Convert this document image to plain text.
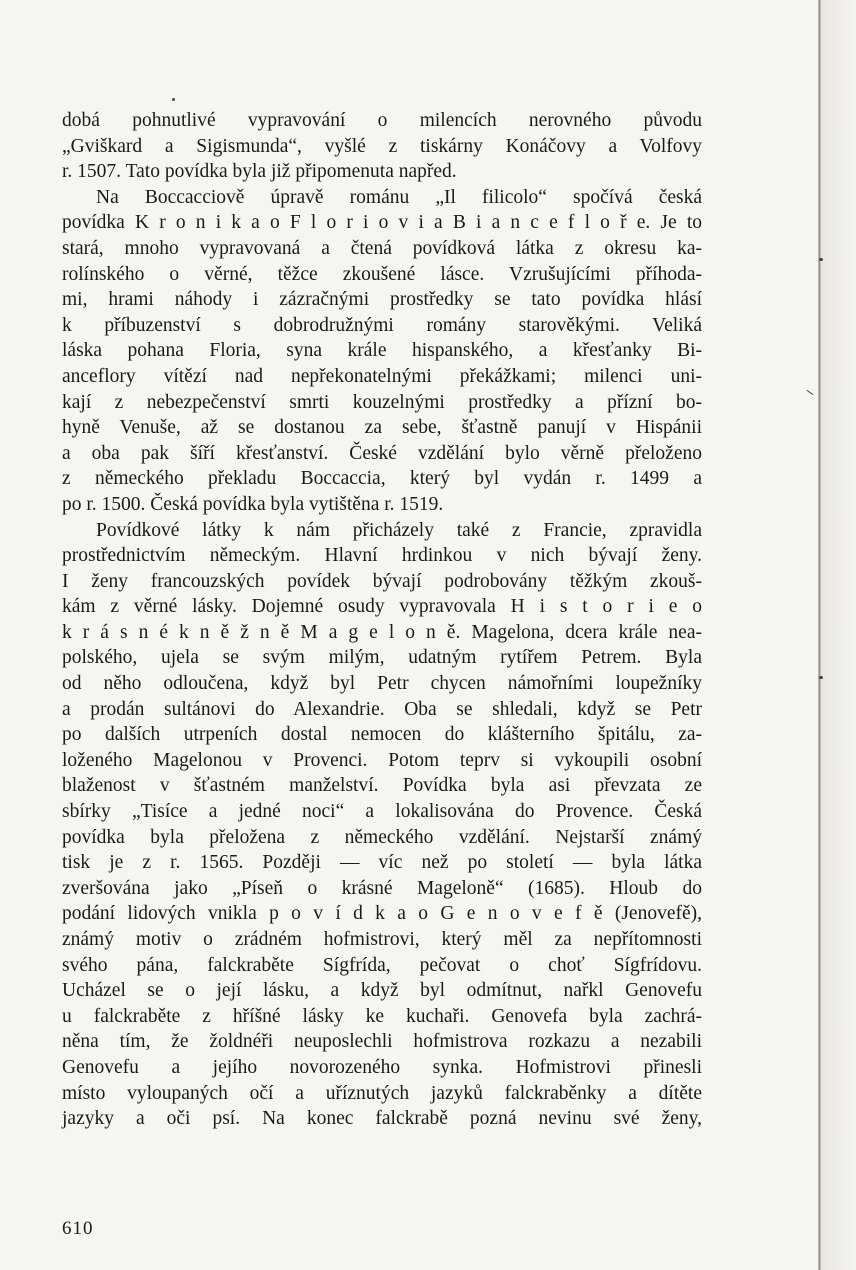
dobá pohnutlivé vypravování o milencích nerovného původu
„Gviškard a Sigismunda“, vyšlé z tiskárny Konáčovy a Volfovy
r. 1507. Tato povídka byla již připomenuta napřed.
Na Boccacciově úpravě románu „Il filicolo“ spočívá česká
povídka K r o n i k a o F l o r i o v i a B i a n c e f l o ř e. Je to
stará, mnoho vypravovaná a čtená povídková látka z okresu ka-
rolínského o věrné, těžce zkoušené lásce. Vzrušujícími příhoda-
mi, hrami náhody i zázračnými prostředky se tato povídka hlásí
k příbuzenství s dobrodružnými romány starověkými. Veliká
láska pohana Floria, syna krále hispanského, a křesťanky Bi-
anceflory vítězí nad nepřekonatelnými překážkami; milenci uni-
kají z nebezpečenství smrti kouzelnými prostředky a přízní bo-
hyně Venuše, až se dostanou za sebe, šťastně panují v Hispánii
a oba pak šíří křesťanství. České vzdělání bylo věrně přeloženo
z německého překladu Boccaccia, který byl vydán r. 1499 a
po r. 1500. Česká povídka byla vytištěna r. 1519.
Povídkové látky k nám přicházely také z Francie, zpravidla
prostřednictvím německým. Hlavní hrdinkou v nich bývají ženy.
I ženy francouzských povídek bývají podrobovány těžkým zkouš-
kám z věrné lásky. Dojemné osudy vypravovala H i s t o r i e o
k r á s n é k n ě ž n ě M a g e l o n ě. Magelona, dcera krále nea-
polského, ujela se svým milým, udatným rytířem Petrem. Byla
od něho odloučena, když byl Petr chycen námořními loupežníky
a prodán sultánovi do Alexandrie. Oba se shledali, když se Petr
po dalších utrpeních dostal nemocen do klášterního špitálu, za-
loženého Magelonou v Provenci. Potom teprv si vykoupili osobní
blaženost v šťastném manželství. Povídka byla asi převzata ze
sbírky „Tisíce a jedné noci“ a lokalisována do Provence. Česká
povídka byla přeložena z německého vzdělání. Nejstarší známý
tisk je z r. 1565. Později — víc než po století — byla látka
zveršována jako „Píseň o krásné Mageloně“ (1685). Hloub do
podání lidových vnikla p o v í d k a o G e n o v e f ě (Jenovefě),
známý motiv o zrádném hofmistrovi, který měl za nepřítomnosti
svého pána, falckraběte Sígfrída, pečovat o choť Sígfrídovu.
Ucházel se o její lásku, a když byl odmítnut, nařkl Genovefu
u falckraběte z hříšné lásky ke kuchaři. Genovefa byla zachrá-
něna tím, že žoldnéři neuposlechli hofmistrova rozkazu a nezabili
Genovefu a jejího novorozeného synka. Hofmistrovi přinesli
místo vyloupaných očí a uříznutých jazyků falckraběnky a dítěte
jazyky a oči psí. Na konec falckrabě pozná nevinu své ženy,
610
